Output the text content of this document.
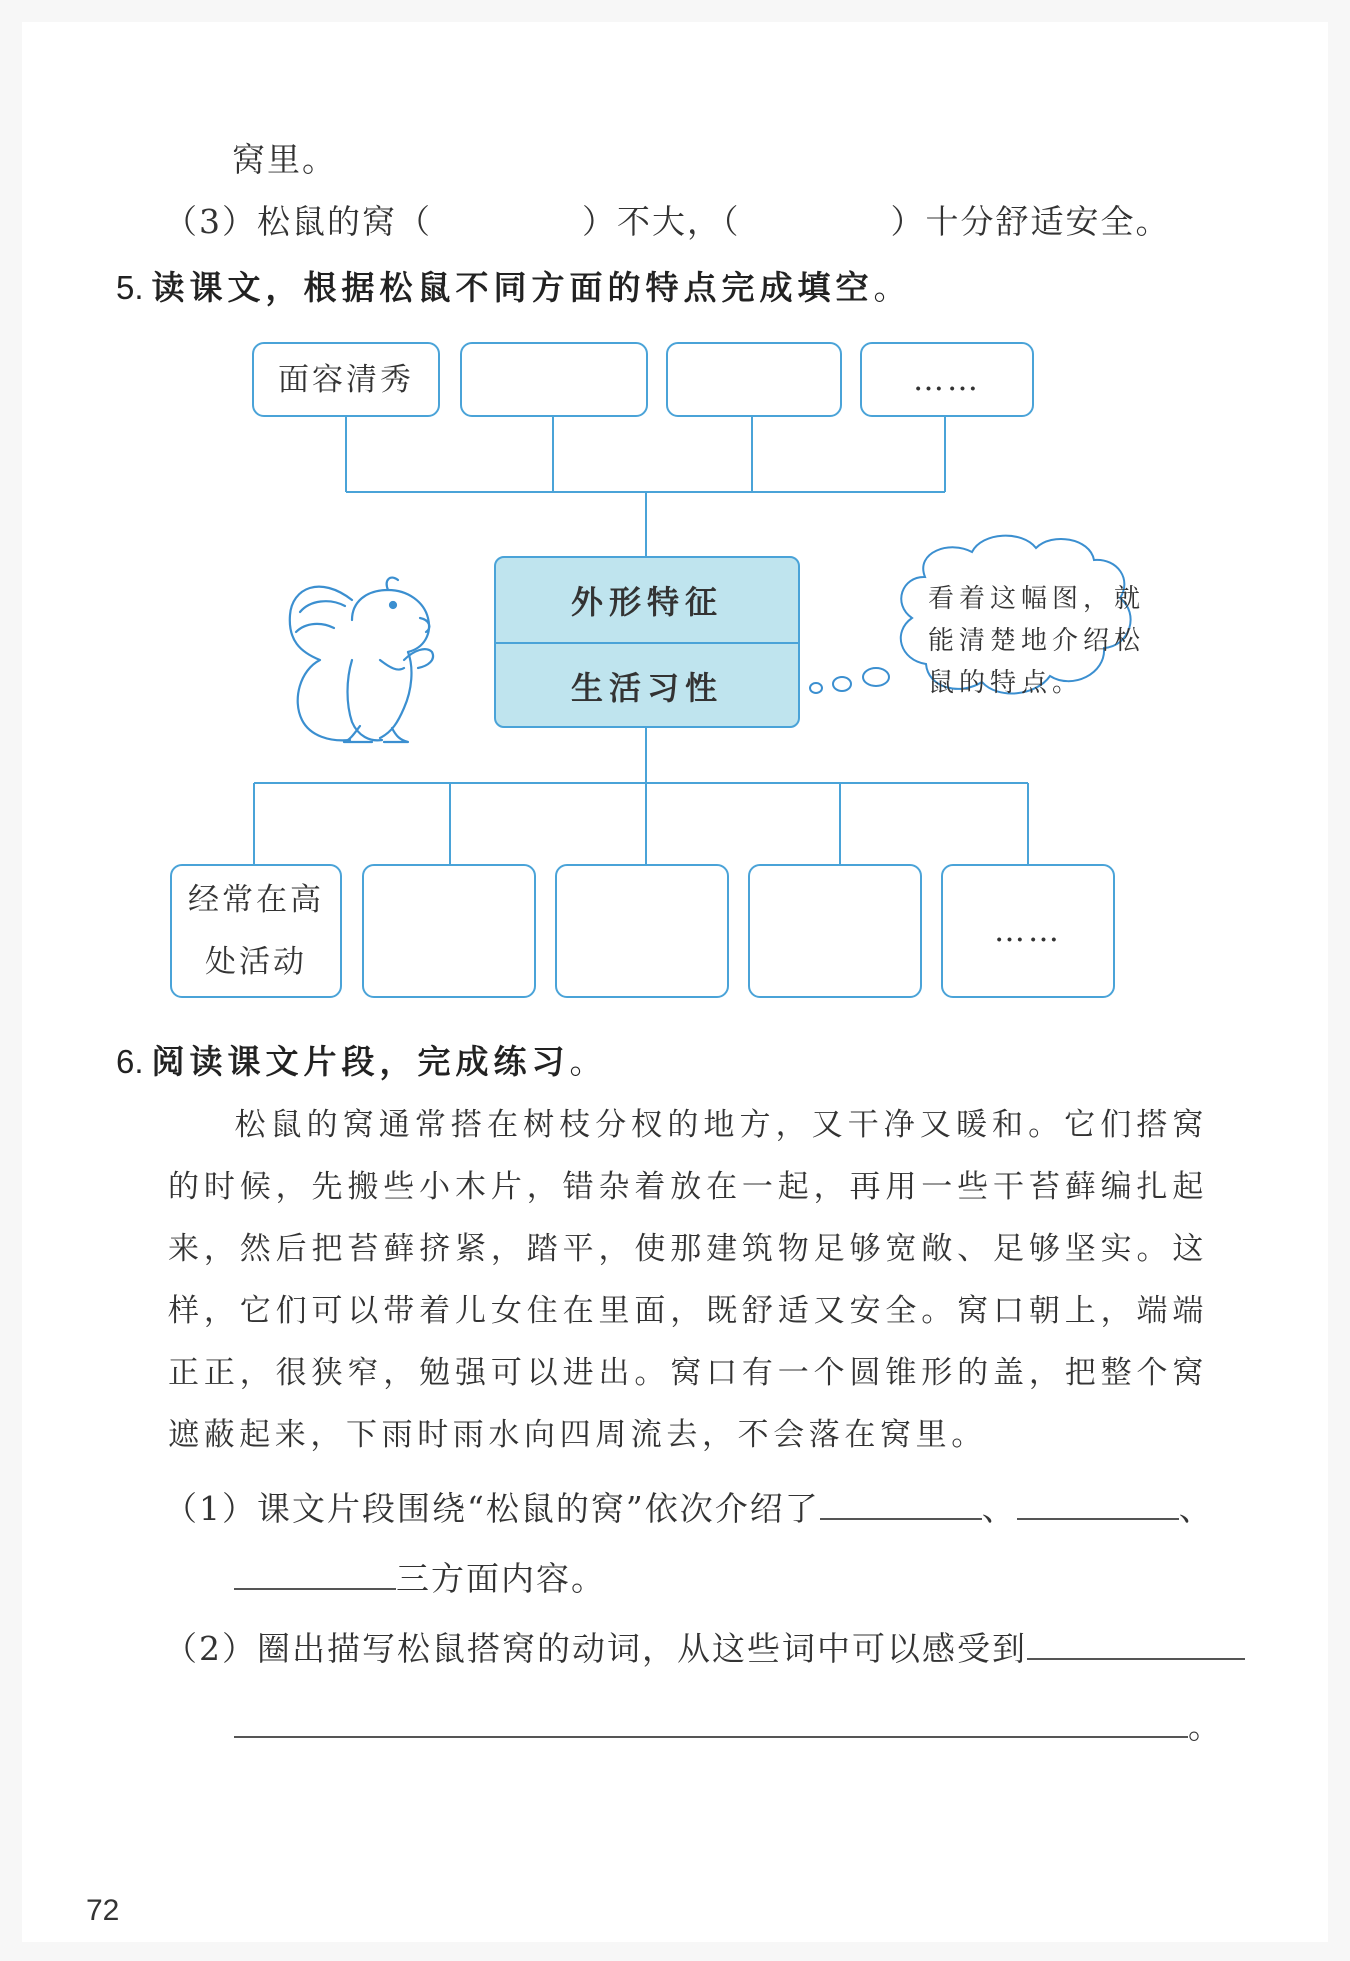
窝里。
（3）松鼠的窝（	）不大，（	）十分舒适安全。
5. 读课文，根据松鼠不同方面的特点完成填空。
面容清秀	……
外形特征
生活习性
看着这幅图，就能清楚地介绍松鼠的特点。
经常在高处活动
……
6. 阅读课文片段，完成练习。

松鼠的窝通常搭在树枝分杈的地方，又干净又暖和。它们搭窝的时候，先搬些小木片，错杂着放在一起，再用一些干苔藓编扎起来，然后把苔藓挤紧，踏平，使那建筑物足够宽敞、足够坚实。这样，它们可以带着儿女住在里面，既舒适又安全。窝口朝上，端端正正，很狭窄，勉强可以进出。窝口有一个圆锥形的盖，把整个窝遮蔽起来，下雨时雨水向四周流去，不会落在窝里。

（1）课文片段围绕“松鼠的窝”依次介绍了	、	、
三方面内容。
（2）圈出描写松鼠搭窝的动词，从这些词中可以感受到
。
72
